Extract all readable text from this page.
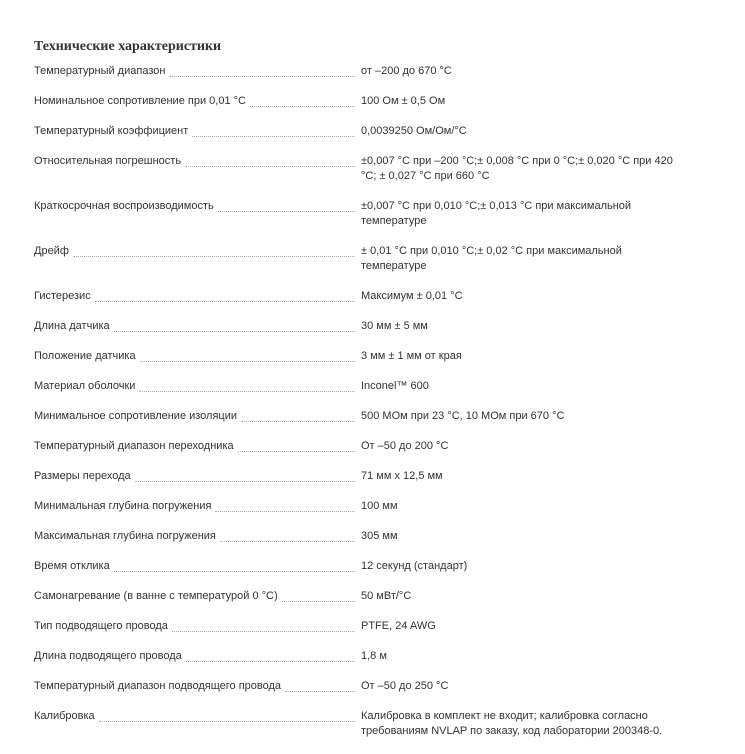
Технические характеристики
Температурный диапазон	от –200 до 670 °C
Номинальное сопротивление при 0,01 °C	100 Ом ± 0,5 Ом
Температурный коэффициент	0,0039250 Ом/Ом/°C
Относительная погрешность	±0,007 °C при –200 °C;± 0,008 °C при 0 °C;± 0,020 °C при 420 °C; ± 0,027 °C при 660 °C
Краткосрочная воспроизводимость	±0,007 °C при 0,010 °C;± 0,013 °C при максимальной температуре
Дрейф	± 0,01 °C при 0,010 °C;± 0,02 °C при максимальной температуре
Гистерезис	Максимум ± 0,01 °C
Длина датчика	30 мм ± 5 мм
Положение датчика	3 мм ± 1 мм от края
Материал оболочки	Inconel™ 600
Минимальное сопротивление изоляции	500 МОм при 23 °C, 10 МОм при 670 °C
Температурный диапазон переходника	От –50 до 200 °C
Размеры перехода	71 мм x 12,5 мм
Минимальная глубина погружения	100 мм
Максимальная глубина погружения	305 мм
Время отклика	12 секунд (стандарт)
Самонагревание (в ванне с температурой 0 °C)	50 мВт/°C
Тип подводящего провода	PTFE, 24 AWG
Длина подводящего провода	1,8 м
Температурный диапазон подводящего провода	От –50 до 250 °C
Калибровка	Калибровка в комплект не входит; калибровка согласно требованиям NVLAP по заказу, код лаборатории 200348-0.
